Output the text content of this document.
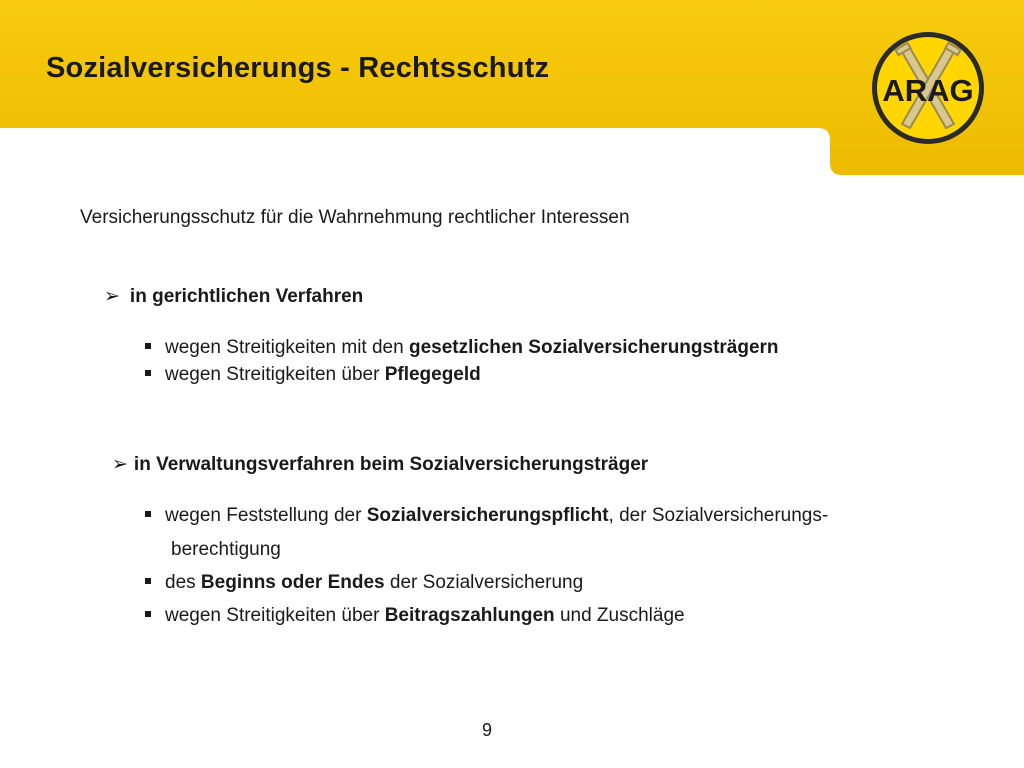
Sozialversicherungs - Rechtsschutz
ARAG
Versicherungsschutz für die Wahrnehmung rechtlicher Interessen
➢ in gerichtlichen Verfahren
wegen Streitigkeiten mit den gesetzlichen Sozialversicherungsträgern
wegen Streitigkeiten über Pflegegeld
➢ in Verwaltungsverfahren beim Sozialversicherungsträger
wegen Feststellung der Sozialversicherungspflicht, der Sozialversicherungs-
berechtigung
des Beginns oder Endes der Sozialversicherung
wegen Streitigkeiten über Beitragszahlungen und Zuschläge
9
